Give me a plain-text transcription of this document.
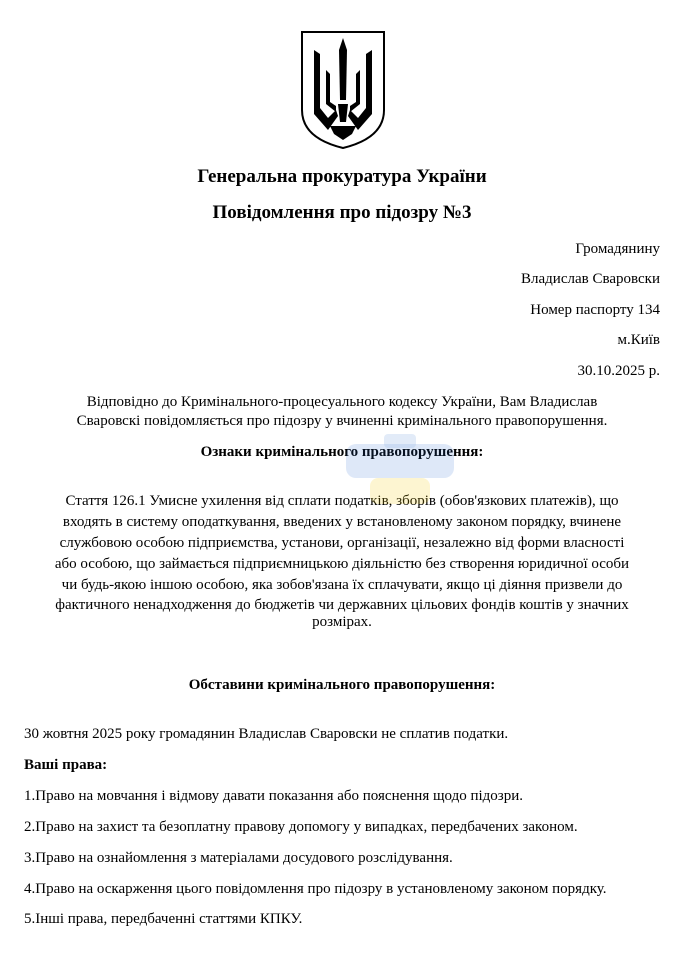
Генеральна прокуратура України
Повідомлення про підозру №3
Громадянину
Владислав Сваровски
Номер паспорту 134
м.Київ
30.10.2025 р.
Відповідно до Кримінального-процесуального кодексу України, Вам Владислав
Сваровскі повідомляється про підозру у вчиненні кримінального правопорушення.
Ознаки кримінального правопорушення:
Стаття 126.1 Умисне ухилення від сплати податків, зборів (обов'язкових платежів), що
входять в систему оподаткування, введених у встановленому законом порядку, вчинене
службовою особою підприємства, установи, організації, незалежно від форми власності
або особою, що займається підприємницькою діяльністю без створення юридичної особи
чи будь-якою іншою особою, яка зобов'язана їх сплачувати, якщо ці діяння призвели до
фактичного ненадходження до бюджетів чи державних цільових фондів коштів у значних
розмірах.
Обставини кримінального правопорушення:
30 жовтня 2025 року громадянин Владислав Сваровски не сплатив податки.
Ваші права:
1.Право на мовчання і відмову давати показання або пояснення щодо підозри.
2.Право на захист та безоплатну правову допомогу у випадках, передбачених законом.
3.Право на ознайомлення з матеріалами досудового розслідування.
4.Право на оскарження цього повідомлення про підозру в установленому законом порядку.
5.Інші права, передбаченні статтями КПКУ.
